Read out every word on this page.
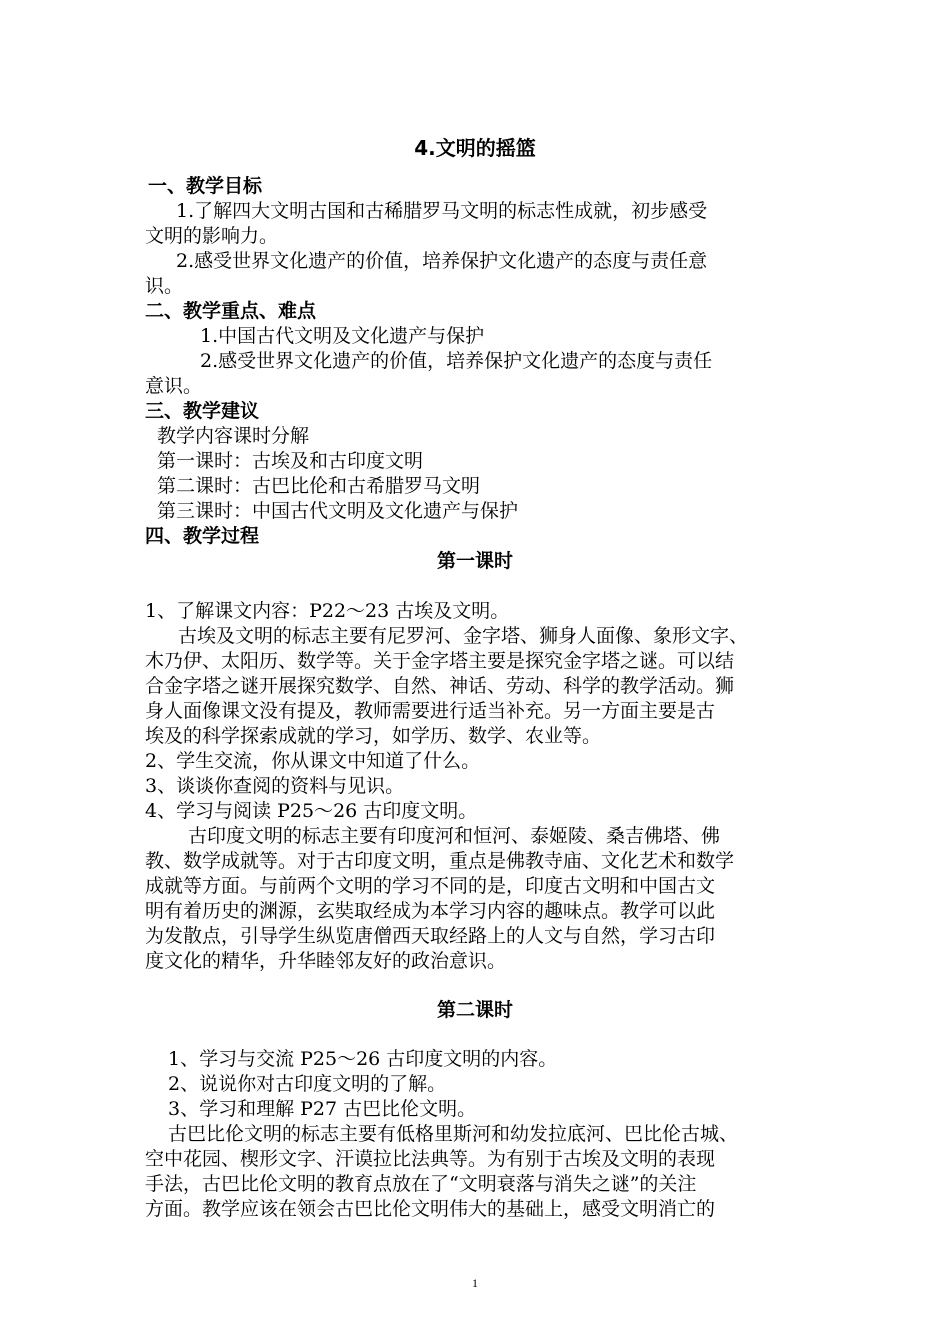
4.文明的摇篮
一、教学目标
1.了解四大文明古国和古稀腊罗马文明的标志性成就，初步感受
文明的影响力。
2.感受世界文化遗产的价值，培养保护文化遗产的态度与责任意
识。
二、教学重点、难点
1.中国古代文明及文化遗产与保护
2.感受世界文化遗产的价值，培养保护文化遗产的态度与责任
意识。
三、教学建议
教学内容课时分解
第一课时：古埃及和古印度文明
第二课时：古巴比伦和古希腊罗马文明
第三课时：中国古代文明及文化遗产与保护
四、教学过程
第一课时
1、了解课文内容：P22～23 古埃及文明。
古埃及文明的标志主要有尼罗河、金字塔、狮身人面像、象形文字、
木乃伊、太阳历、数学等。关于金字塔主要是探究金字塔之谜。可以结
合金字塔之谜开展探究数学、自然、神话、劳动、科学的教学活动。狮
身人面像课文没有提及，教师需要进行适当补充。另一方面主要是古
埃及的科学探索成就的学习，如学历、数学、农业等。
2、学生交流，你从课文中知道了什么。
3、谈谈你查阅的资料与见识。
4、学习与阅读 P25～26 古印度文明。
古印度文明的标志主要有印度河和恒河、泰姬陵、桑吉佛塔、佛
教、数学成就等。对于古印度文明，重点是佛教寺庙、文化艺术和数学
成就等方面。与前两个文明的学习不同的是，印度古文明和中国古文
明有着历史的渊源，玄奘取经成为本学习内容的趣味点。教学可以此
为发散点，引导学生纵览唐僧西天取经路上的人文与自然，学习古印
度文化的精华，升华睦邻友好的政治意识。
第二课时
1、学习与交流 P25～26 古印度文明的内容。
2、说说你对古印度文明的了解。
3、学习和理解 P27 古巴比伦文明。
古巴比伦文明的标志主要有低格里斯河和幼发拉底河、巴比伦古城、
空中花园、楔形文字、汗谟拉比法典等。为有别于古埃及文明的表现
手法，古巴比伦文明的教育点放在了“文明衰落与消失之谜”的关注
方面。教学应该在领会古巴比伦文明伟大的基础上，感受文明消亡的
1
